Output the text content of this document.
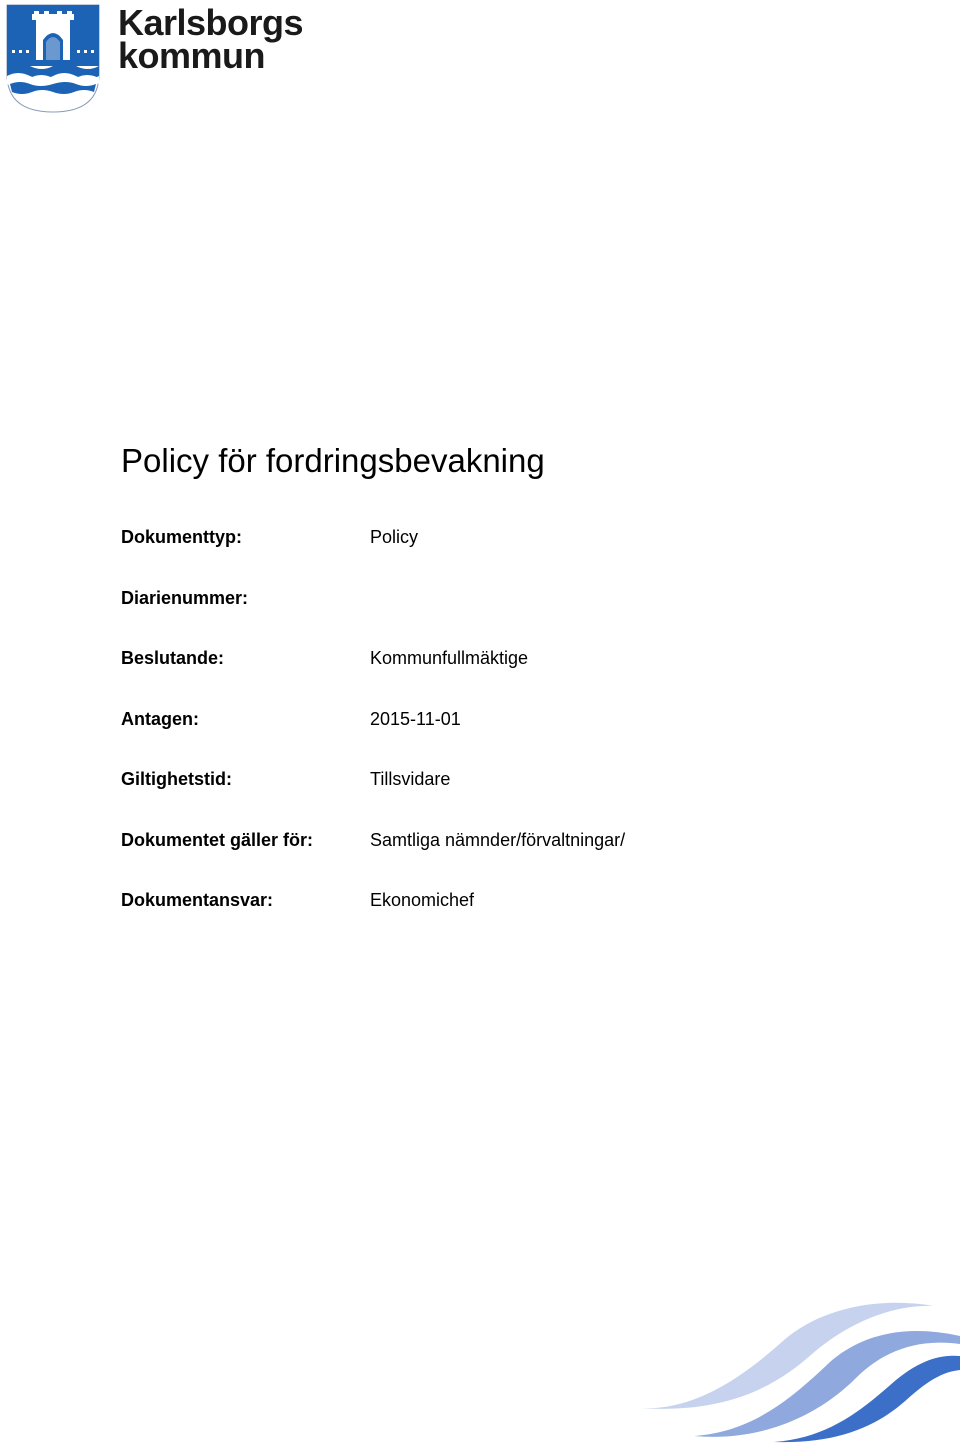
Karlsborgs
kommun
Policy för fordringsbevakning
Dokumenttyp:	Policy
Diarienummer:
Beslutande:	Kommunfullmäktige
Antagen:	2015-11-01
Giltighetstid:	Tillsvidare
Dokumentet gäller för:	Samtliga nämnder/förvaltningar/
Dokumentansvar:	Ekonomichef
